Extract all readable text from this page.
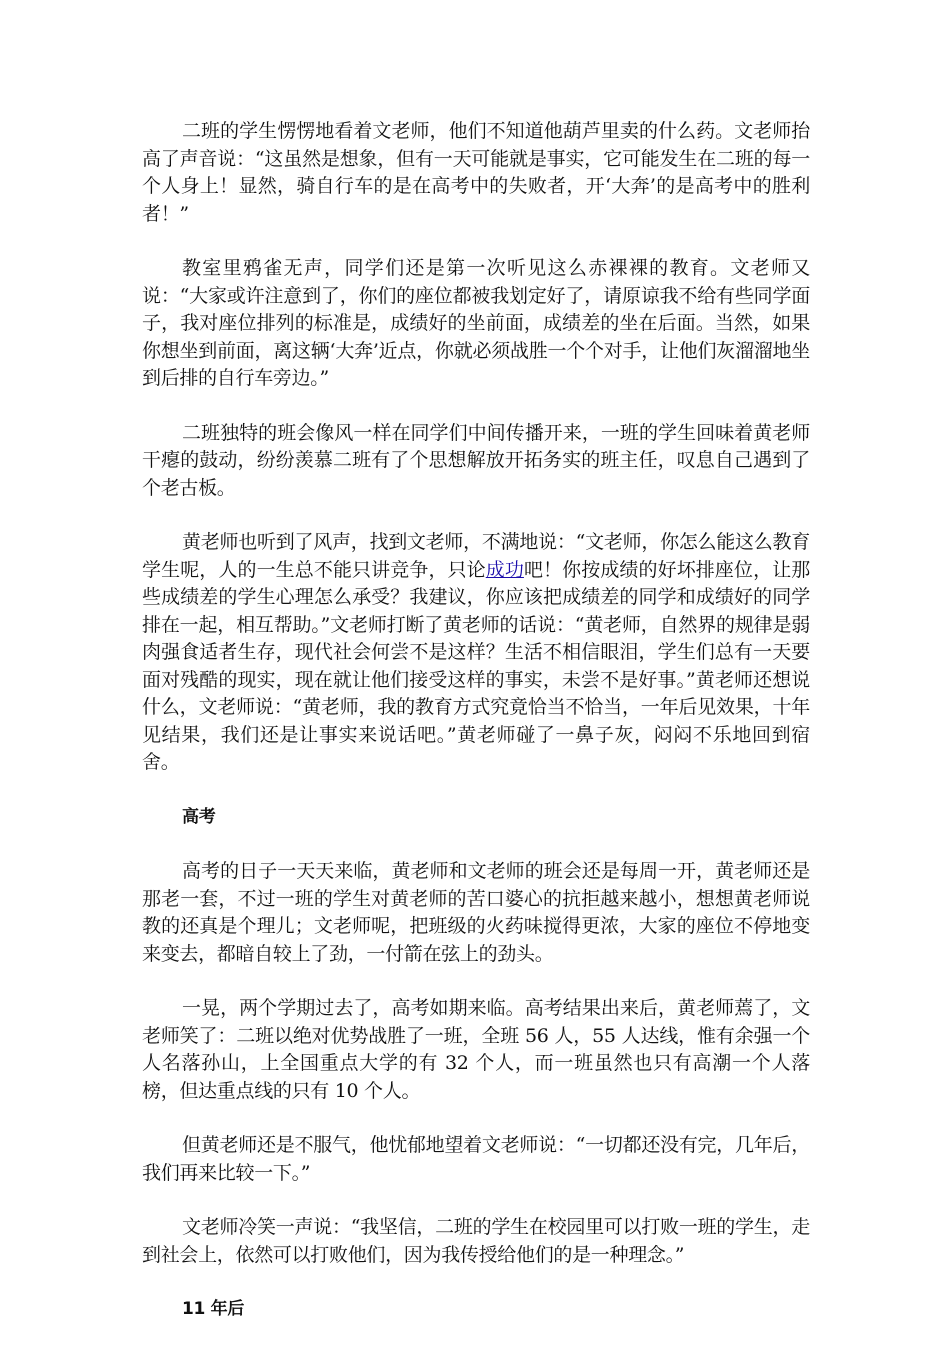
二班的学生愣愣地看着文老师，他们不知道他葫芦里卖的什么药。文老师抬高了声音说：“这虽然是想象，但有一天可能就是事实，它可能发生在二班的每一个人身上！显然，骑自行车的是在高考中的失败者，开‘大奔’的是高考中的胜利者！”

教室里鸦雀无声，同学们还是第一次听见这么赤裸裸的教育。文老师又说：“大家或许注意到了，你们的座位都被我划定好了，请原谅我不给有些同学面子，我对座位排列的标准是，成绩好的坐前面，成绩差的坐在后面。当然，如果你想坐到前面，离这辆‘大奔’近点，你就必须战胜一个个对手，让他们灰溜溜地坐到后排的自行车旁边。”

二班独特的班会像风一样在同学们中间传播开来，一班的学生回味着黄老师干瘪的鼓动，纷纷羡慕二班有了个思想解放开拓务实的班主任，叹息自己遇到了个老古板。

黄老师也听到了风声，找到文老师，不满地说：“文老师，你怎么能这么教育学生呢，人的一生总不能只讲竞争，只论成功吧！你按成绩的好坏排座位，让那些成绩差的学生心理怎么承受？我建议，你应该把成绩差的同学和成绩好的同学排在一起，相互帮助。”文老师打断了黄老师的话说：“黄老师，自然界的规律是弱肉强食适者生存，现代社会何尝不是这样？生活不相信眼泪，学生们总有一天要面对残酷的现实，现在就让他们接受这样的事实，未尝不是好事。”黄老师还想说什么，文老师说：“黄老师，我的教育方式究竟恰当不恰当，一年后见效果，十年见结果，我们还是让事实来说话吧。”黄老师碰了一鼻子灰，闷闷不乐地回到宿舍。

高考

高考的日子一天天来临，黄老师和文老师的班会还是每周一开，黄老师还是那老一套，不过一班的学生对黄老师的苦口婆心的抗拒越来越小，想想黄老师说教的还真是个理儿；文老师呢，把班级的火药味搅得更浓，大家的座位不停地变来变去，都暗自较上了劲，一付箭在弦上的劲头。

一晃，两个学期过去了，高考如期来临。高考结果出来后，黄老师蔫了，文老师笑了：二班以绝对优势战胜了一班，全班 56 人，55 人达线，惟有余强一个人名落孙山，上全国重点大学的有 32 个人，而一班虽然也只有高潮一个人落榜，但达重点线的只有 10 个人。

但黄老师还是不服气，他忧郁地望着文老师说：“一切都还没有完，几年后，我们再来比较一下。”

文老师冷笑一声说：“我坚信，二班的学生在校园里可以打败一班的学生，走到社会上，依然可以打败他们，因为我传授给他们的是一种理念。”

11 年后
